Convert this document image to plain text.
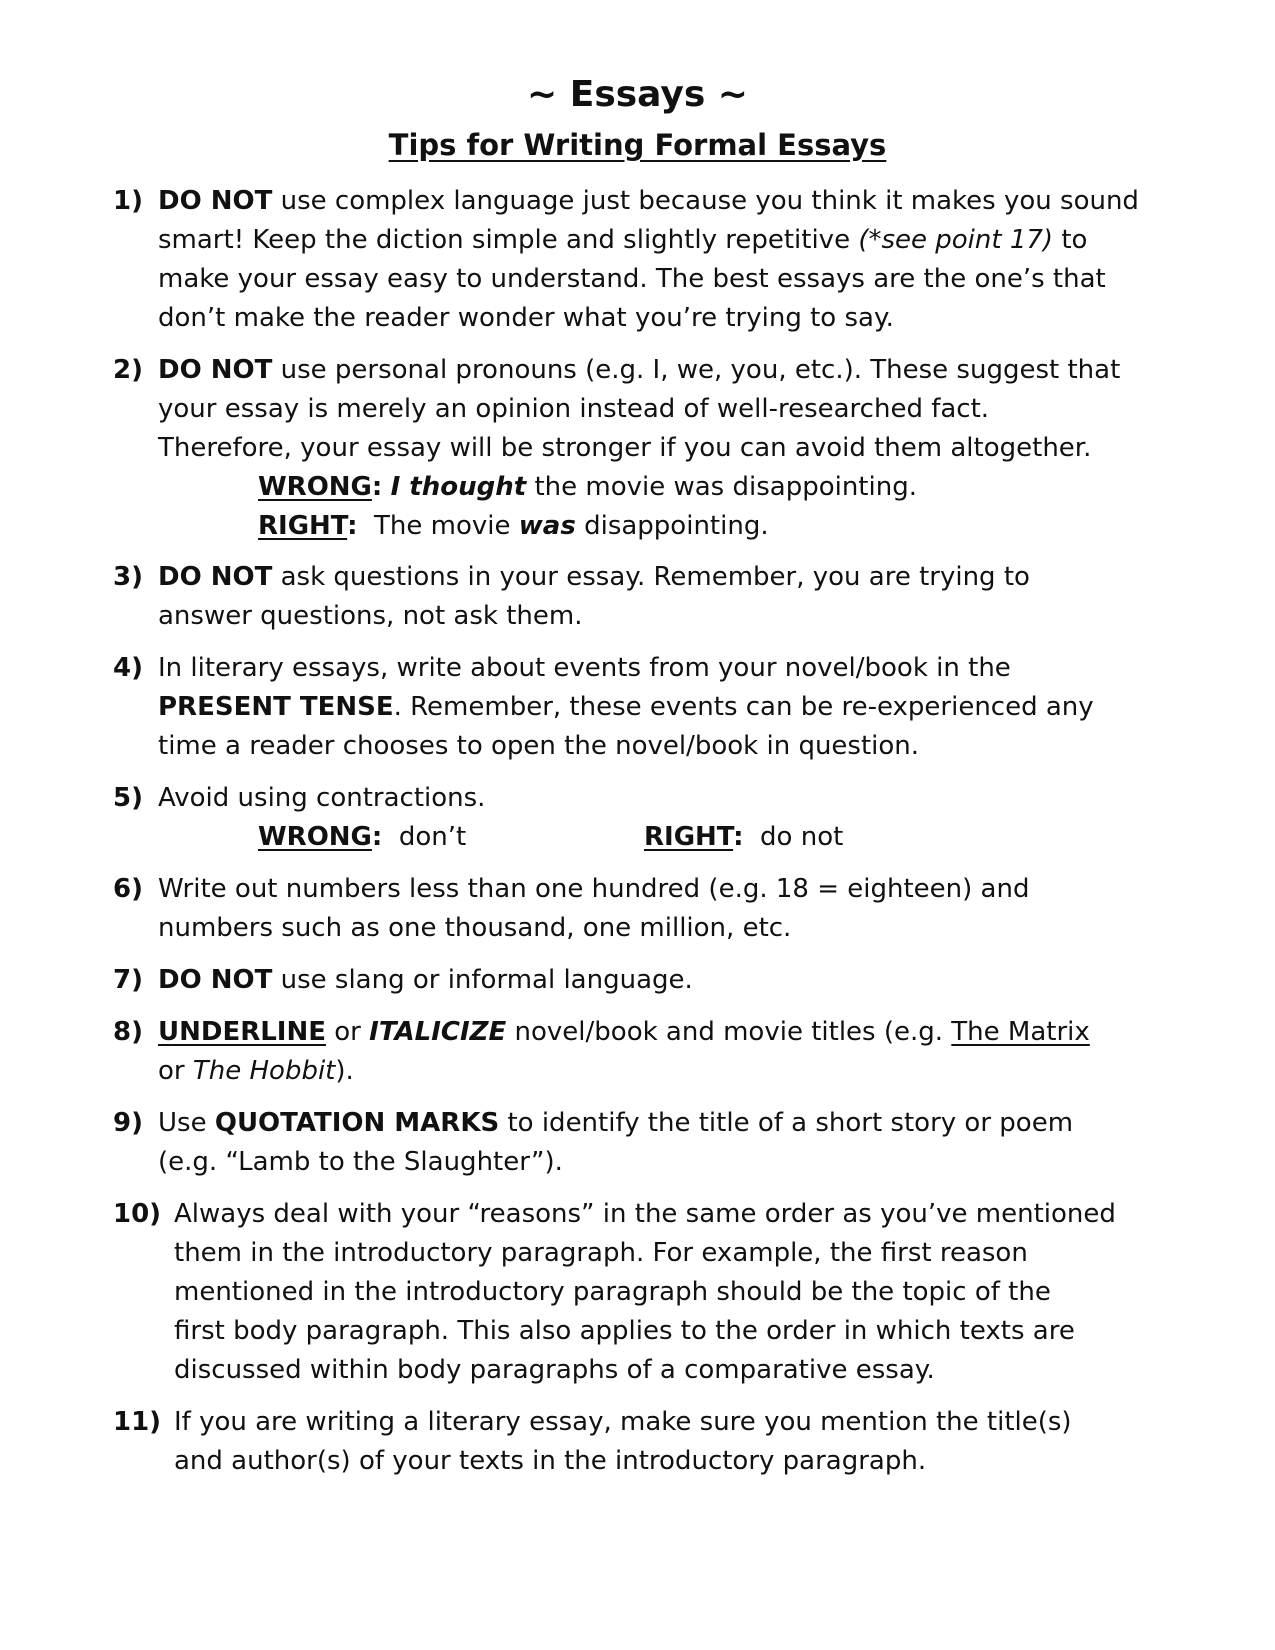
~ Essays ~
Tips for Writing Formal Essays
1) DO NOT use complex language just because you think it makes you sound
smart! Keep the diction simple and slightly repetitive (*see point 17) to
make your essay easy to understand. The best essays are the one’s that
don’t make the reader wonder what you’re trying to say.
2) DO NOT use personal pronouns (e.g. I, we, you, etc.). These suggest that
your essay is merely an opinion instead of well-researched fact.
Therefore, your essay will be stronger if you can avoid them altogether.
WRONG: I thought the movie was disappointing.
RIGHT: The movie was disappointing.
3) DO NOT ask questions in your essay. Remember, you are trying to
answer questions, not ask them.
4) In literary essays, write about events from your novel/book in the
PRESENT TENSE. Remember, these events can be re-experienced any
time a reader chooses to open the novel/book in question.
5) Avoid using contractions.
WRONG: don’t	RIGHT: do not
6) Write out numbers less than one hundred (e.g. 18 = eighteen) and
numbers such as one thousand, one million, etc.
7) DO NOT use slang or informal language.
8) UNDERLINE or ITALICIZE novel/book and movie titles (e.g. The Matrix
or The Hobbit).
9) Use QUOTATION MARKS to identify the title of a short story or poem
(e.g. “Lamb to the Slaughter”).
10) Always deal with your “reasons” in the same order as you’ve mentioned
them in the introductory paragraph. For example, the first reason
mentioned in the introductory paragraph should be the topic of the
first body paragraph. This also applies to the order in which texts are
discussed within body paragraphs of a comparative essay.
11) If you are writing a literary essay, make sure you mention the title(s)
and author(s) of your texts in the introductory paragraph.
